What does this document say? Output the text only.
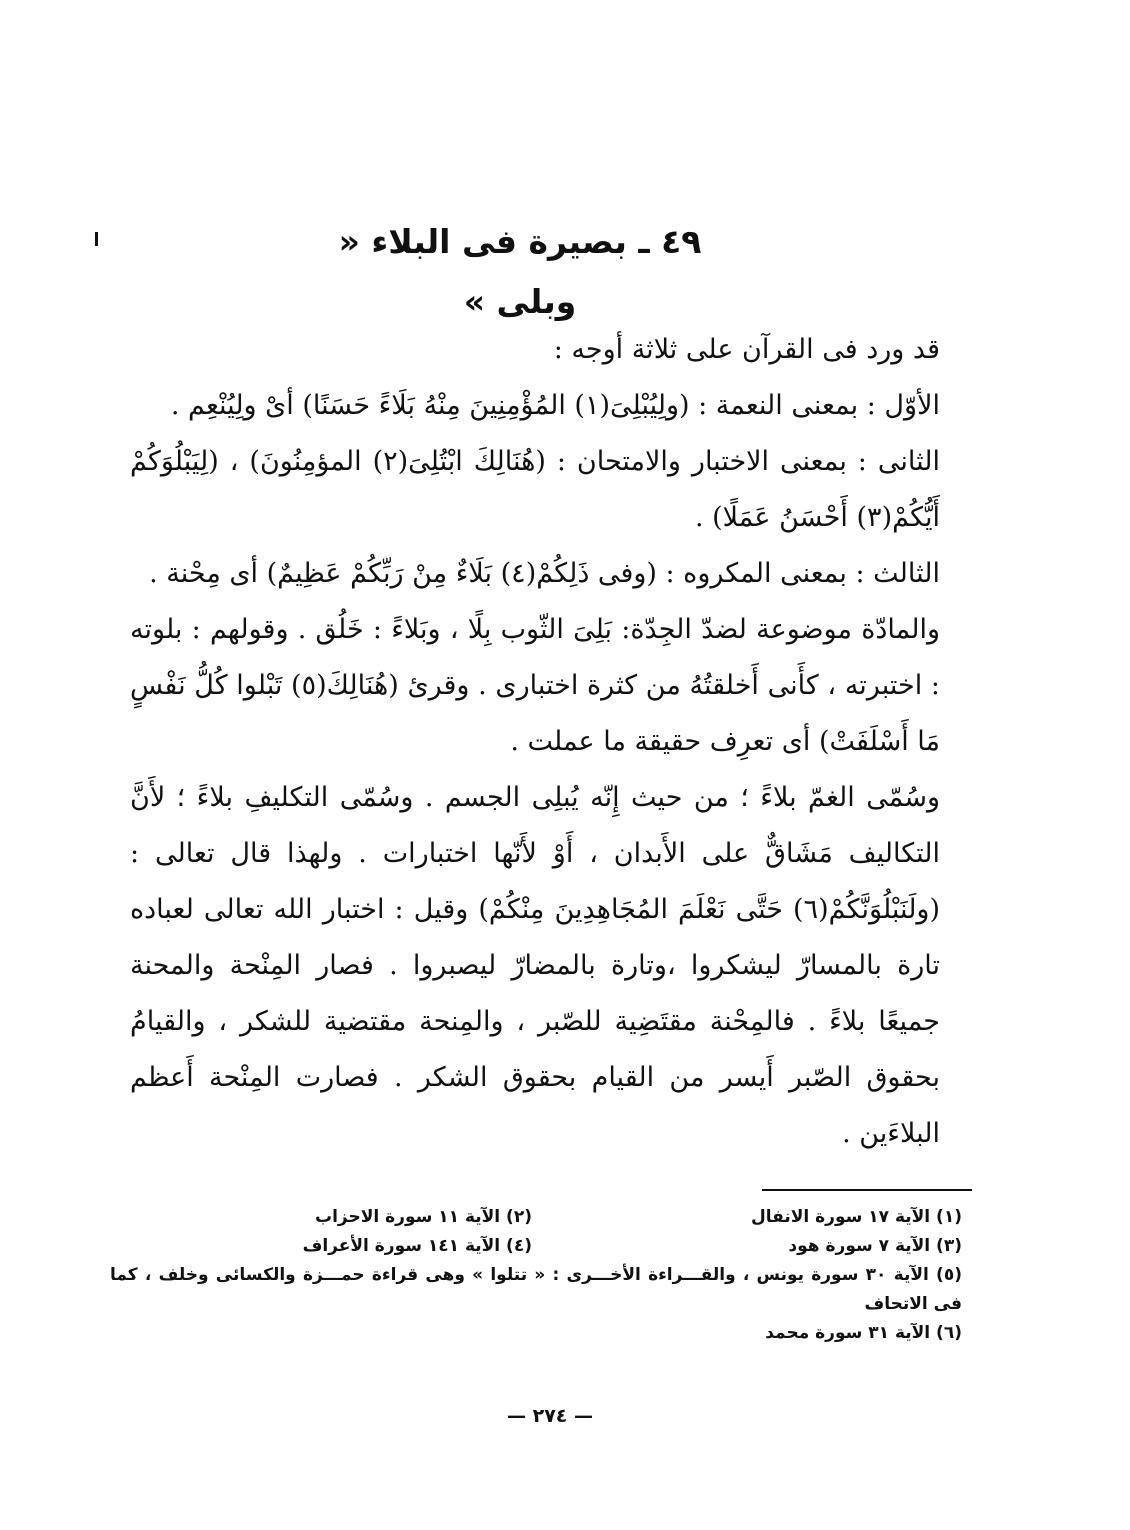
٤٩ ـ بصيرة فى البلاء « وبلى »

قد ورد فى القرآن على ثلاثة أوجه :

الأوّل : بمعنى النعمة : (ولِيُبْلِىَ(١) المُؤْمِنِينَ مِنْهُ بَلَاءً حَسَنًا) أىْ ولِيُنْعِم .

الثانى : بمعنى الاختبار والامتحان : (هُنَالِكَ ابْتُلِىَ(٢) المؤمِنُونَ) ، (لِيَبْلُوَكُمْ أَيُّكُمْ(٣) أَحْسَنُ عَمَلًا) .

الثالث : بمعنى المكروه : (وفى ذَلِكُمْ(٤) بَلَاءٌ مِنْ رَبِّكُمْ عَظِيمٌ) أى مِحْنة .

والمادّة موضوعة لضدّ الجِدّة: بَلِىَ الثّوب بِلًا ، وبَلاءً : خَلُق . وقولهم : بلوته : اختبرته ، كأَنى أَخلقتُهُ من كثرة اختبارى . وقرئ (هُنَالِكَ(٥) تَبْلوا كُلُّ نَفْسٍ مَا أَسْلَفَتْ) أى تعرِف حقيقة ما عملت .

وسُمّى الغمّ بلاءً ؛ من حيث إِنّه يُبلِى الجسم . وسُمّى التكليفِ بلاءً ؛ لأَنَّ التكاليف مَشَاقٌّ على الأَبدان ، أَوْ لأَنّها اختبارات . ولهذا قال تعالى : (ولَنَبْلُوَنَّكُمْ(٦) حَتَّى نَعْلَمَ المُجَاهِدِينَ مِنْكُمْ) وقيل : اختبار الله تعالى لعباده تارة بالمسارّ ليشكروا ،وتارة بالمضارّ ليصبروا . فصار المِنْحة والمحنة جميعًا بلاءً . فالمِحْنة مقتَضِية للصّبر ، والمِنحة مقتضية للشكر ، والقيامُ بحقوق الصّبر أَيسر من القيام بحقوق الشكر . فصارت المِنْحة أَعظم البلاءَين .

(١) الآية ١٧ سورة الانفال
(٢) الآية ١١ سورة الاحزاب
(٣) الآية ٧ سورة هود
(٤) الآية ١٤١ سورة الأعراف
(٥) الآية ٣٠ سورة يونس ، والقـــراءة الأخـــرى : « تتلوا » وهى قراءة حمـــزة والكسائى وخلف ، كما فى الاتحاف
(٦) الآية ٣١ سورة محمد
— ٢٧٤ —
